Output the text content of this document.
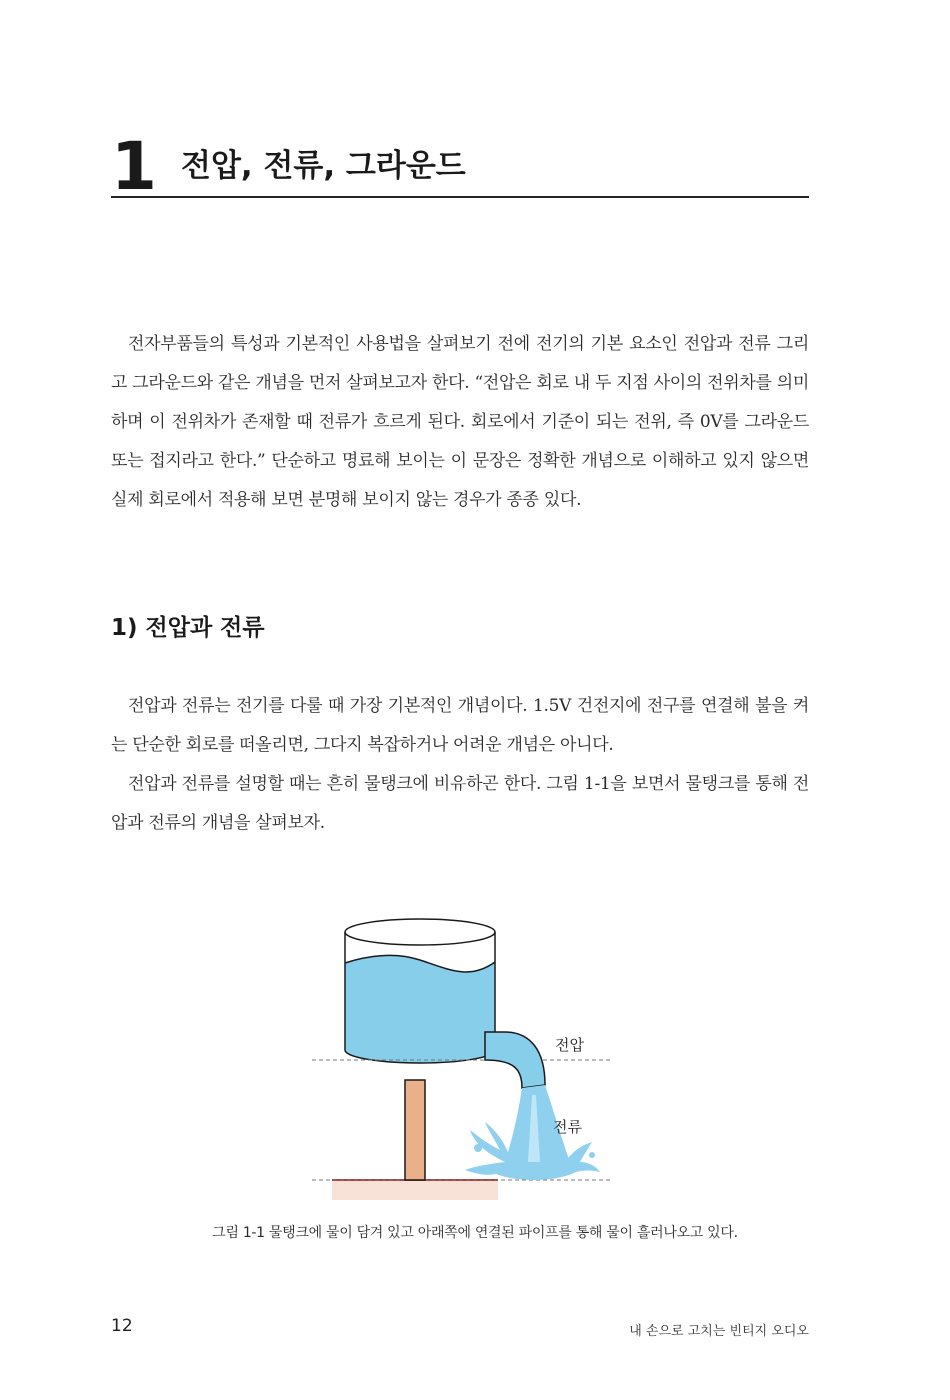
1 전압, 전류, 그라운드

전자부품들의 특성과 기본적인 사용법을 살펴보기 전에 전기의 기본 요소인 전압과 전류 그리고 그라운드와 같은 개념을 먼저 살펴보고자 한다. “전압은 회로 내 두 지점 사이의 전위차를 의미하며 이 전위차가 존재할 때 전류가 흐르게 된다. 회로에서 기준이 되는 전위, 즉 0V를 그라운드 또는 접지라고 한다.” 단순하고 명료해 보이는 이 문장은 정확한 개념으로 이해하고 있지 않으면 실제 회로에서 적용해 보면 분명해 보이지 않는 경우가 종종 있다.

1) 전압과 전류

전압과 전류는 전기를 다룰 때 가장 기본적인 개념이다. 1.5V 건전지에 전구를 연결해 불을 켜는 단순한 회로를 떠올리면, 그다지 복잡하거나 어려운 개념은 아니다.

전압과 전류를 설명할 때는 흔히 물탱크에 비유하곤 한다. 그림 1-1을 보면서 물탱크를 통해 전압과 전류의 개념을 살펴보자.

전압
전류
그림 1-1 물탱크에 물이 담겨 있고 아래쪽에 연결된 파이프를 통해 물이 흘러나오고 있다.
12	내 손으로 고치는 빈티지 오디오
